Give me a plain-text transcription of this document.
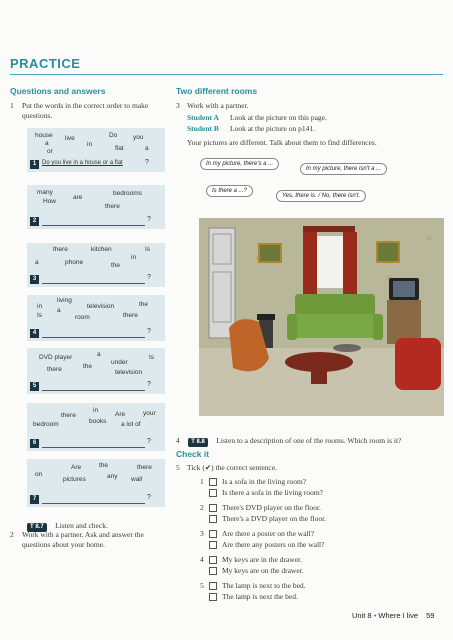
PRACTICE
Questions and answers
1	Put the words in the correct order to make questions.
house live	Do you
a	in
or	flat	a
1 Do you live in a house or a flat	?
many
are
bedrooms
How
there
2	?
there	kitchen	Is
in
a	phone	the
3	?
living
in	television	the
a
Is	room	there
4	?
DVD player	a
under
Is
the
there	television
5	?
in
there	Are	your
books
bedroom	a lot of
6	?
Are	the	there
on
pictures	any wall
7	?
T 8.7 Listen and check.
2 Work with a partner. Ask and answer the questions about your home.
Two different rooms
3 Work with a partner.
Student A Look at the picture on this page.
Student B Look at the picture on p141.
Your pictures are different. Talk about them to find differences.
In my picture, there's a ...
In my picture, there isn't a ...
Is there a ...?
Yes, there is. / No, there isn't.
4 T 8.8 Listen to a description of one of the rooms. Which room is it?
Check it
5 Tick (✔) the correct sentence.
1 Is a sofa in the living room?
Is there a sofa in the living room?
2 There's DVD player on the floor.
There's a DVD player on the floor.
3 Are there a poster on the wall?
Are there any posters on the wall?
4 My keys are in the drawer.
My keys are on the drawer.
5 The lamp is next to the bed.
The lamp is next the bed.
Unit 8 • Where I live 59
